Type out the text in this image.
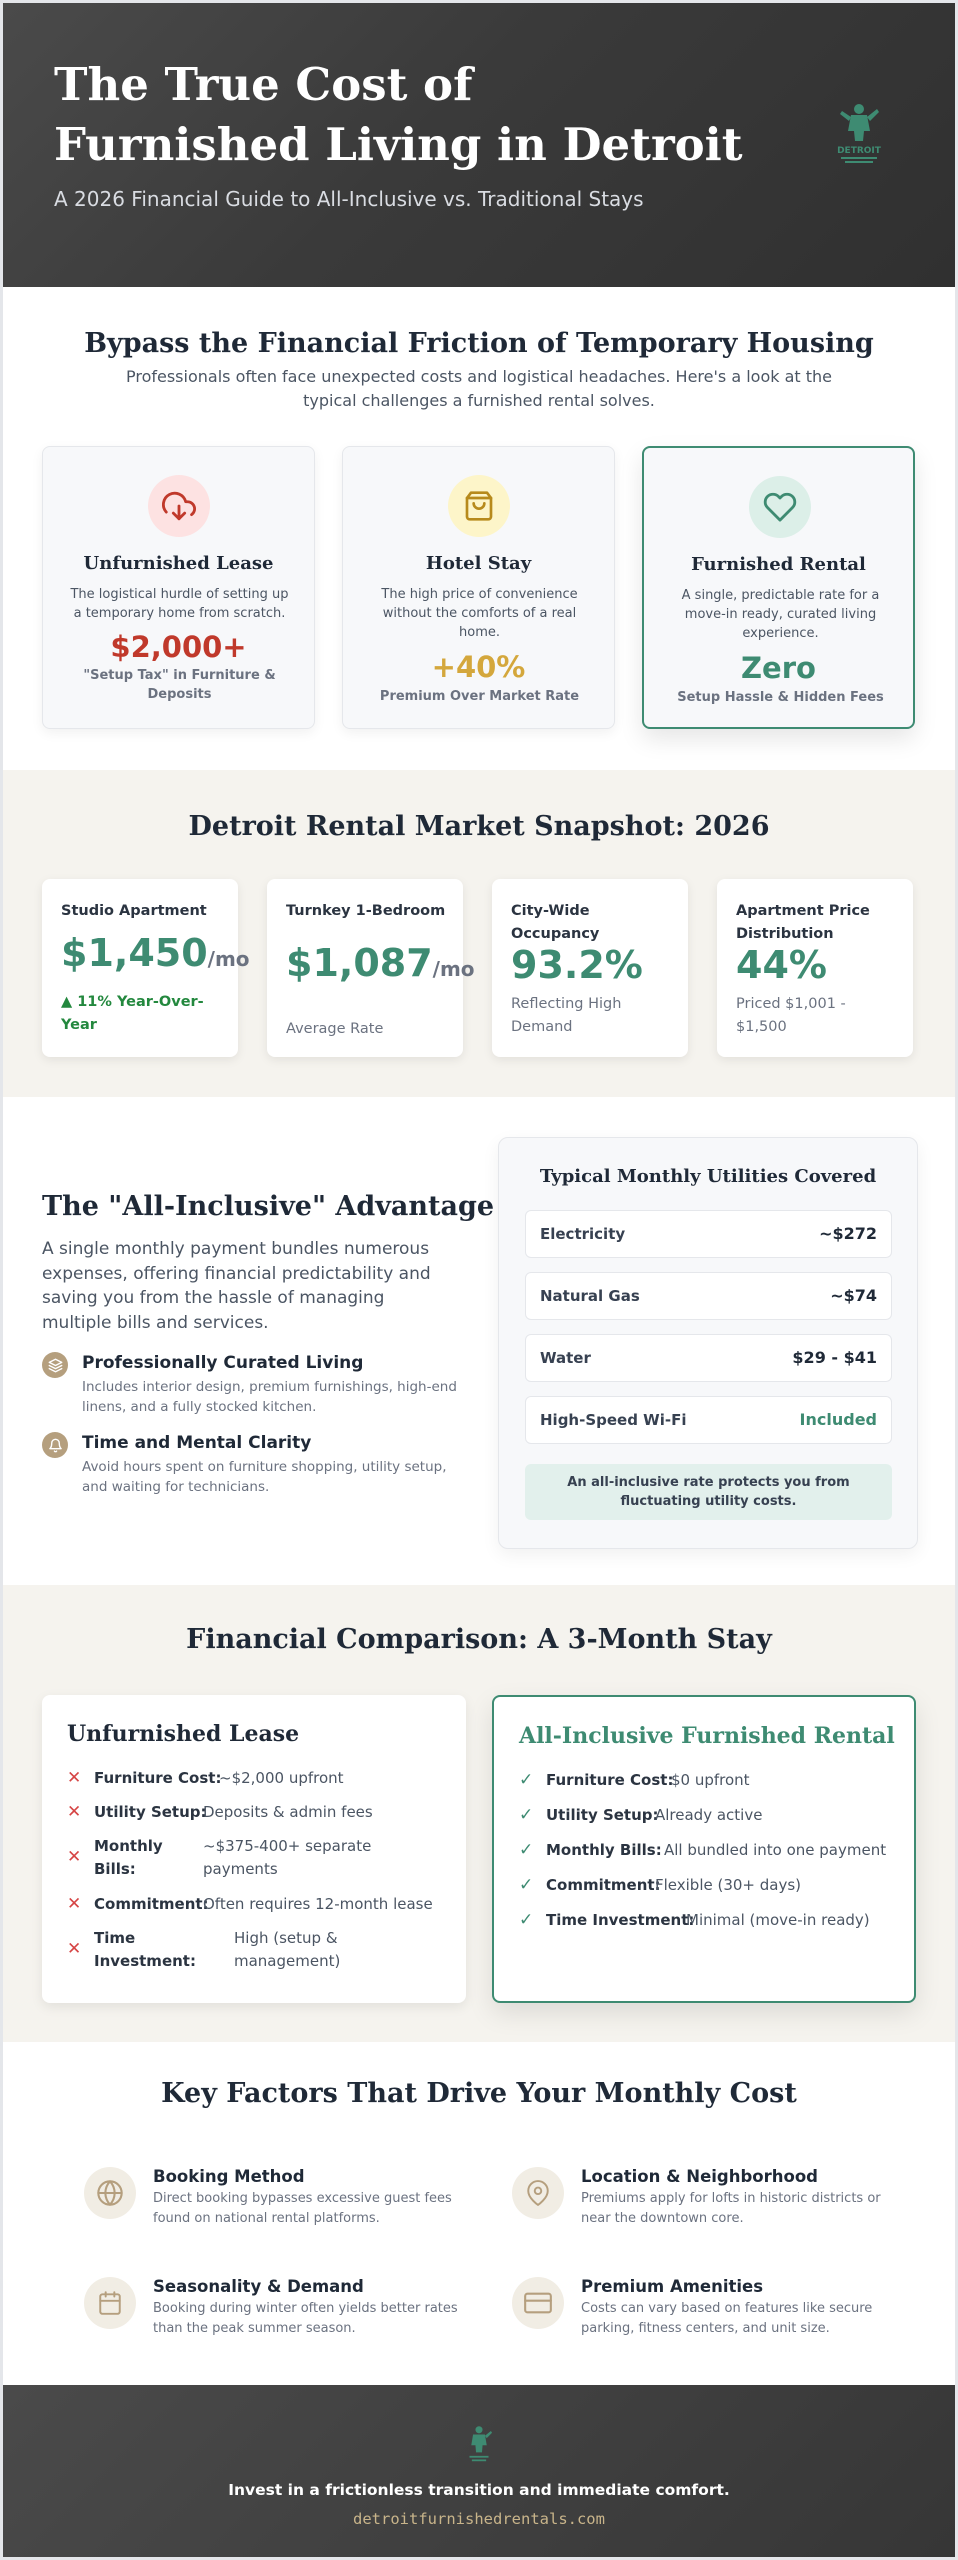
The True Cost of
Furnished Living in Detroit
A 2026 Financial Guide to All-Inclusive vs. Traditional Stays
DETROIT
Bypass the Financial Friction of Temporary Housing
Professionals often face unexpected costs and logistical headaches. Here's a look at the typical challenges a furnished rental solves.
Unfurnished Lease
The logistical hurdle of setting up a temporary home from scratch.
$2,000+
"Setup Tax" in Furniture & Deposits
Hotel Stay
The high price of convenience without the comforts of a real home.
+40%
Premium Over Market Rate
Furnished Rental
A single, predictable rate for a move-in ready, curated living experience.
Zero
Setup Hassle & Hidden Fees
Detroit Rental Market Snapshot: 2026
Studio Apartment
$1,450/mo
▲ 11% Year-Over-Year
Turnkey 1-Bedroom
$1,087/mo
Average Rate
City-Wide Occupancy
93.2%
Reflecting High Demand
Apartment Price Distribution
44%
Priced $1,001 - $1,500
The "All-Inclusive" Advantage
A single monthly payment bundles numerous expenses, offering financial predictability and saving you from the hassle of managing multiple bills and services.
Professionally Curated Living
Includes interior design, premium furnishings, high-end linens, and a fully stocked kitchen.
Time and Mental Clarity
Avoid hours spent on furniture shopping, utility setup, and waiting for technicians.
Typical Monthly Utilities Covered
Electricity	~$272
Natural Gas	~$74
Water	$29 - $41
High-Speed Wi-Fi	Included
An all-inclusive rate protects you from fluctuating utility costs.
Financial Comparison: A 3-Month Stay
Unfurnished Lease
✕ Furniture Cost:
~$2,000 upfront
✕ Utility Setup:
Deposits & admin fees
✕
Monthly Bills:
~$375-400+ separate payments
✕ Commitment:
Often requires 12-month lease
✕
Time Investment:
High (setup & management)
All-Inclusive Furnished Rental
✓ Furniture Cost:
$0 upfront
✓ Utility Setup:
Already active
✓ Monthly Bills: All bundled into one payment
✓ Commitment:
Flexible (30+ days)
✓ Time Investment:
Minimal (move-in ready)
Key Factors That Drive Your Monthly Cost
Booking Method
Direct booking bypasses excessive guest fees found on national rental platforms.
Location & Neighborhood
Premiums apply for lofts in historic districts or near the downtown core.
Seasonality & Demand
Booking during winter often yields better rates than the peak summer season.
Premium Amenities
Costs can vary based on features like secure parking, fitness centers, and unit size.
Invest in a frictionless transition and immediate comfort.
detroitfurnishedrentals.com
